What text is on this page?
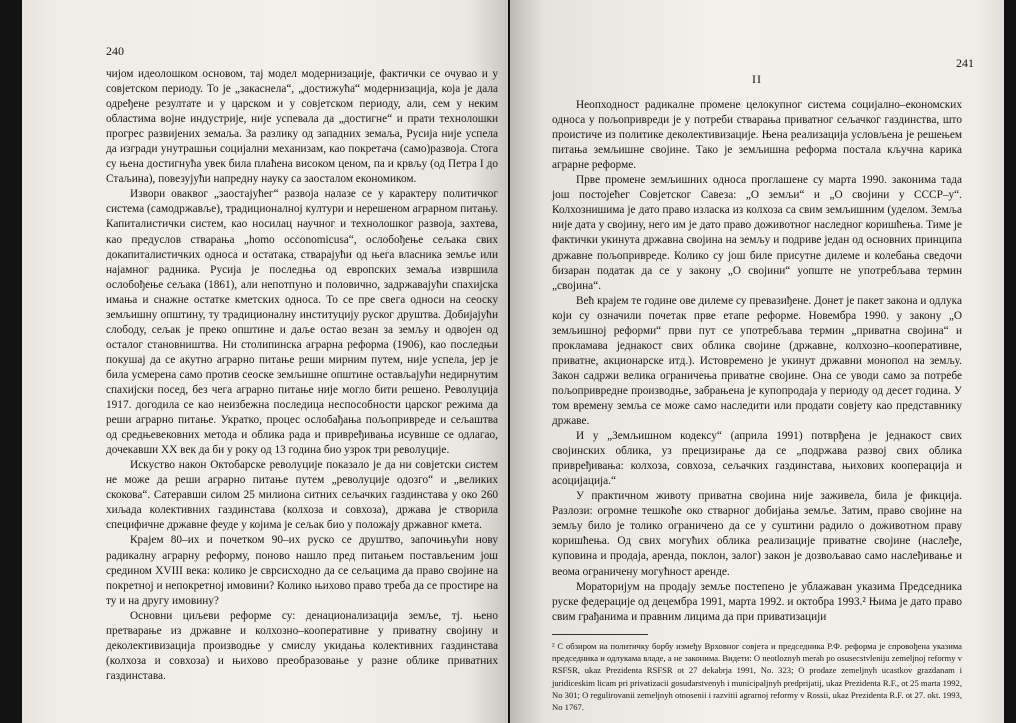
240

чијом идеолошком основом, тај модел модернизације, фактички се очувао и у совјетском периоду. То је „закаснела“, „достижућа“ модернизација, која је дала одређене резултате и у царском и у совјетском периоду, али, сем у неким областима војне индустрије, није успевала да „достигне“ и прати технолошки прогрес развијених земаља. За разлику од западних земаља, Русија није успела да изгради унутрашњи социјални механизам, као покретача (само)развоја. Стога су њена достигнућа увек била плаћена високом ценом, па и крвљу (од Петра I до Стаљина), повезујући напредну науку са заосталом економиком.

Извори оваквог „заостајућег“ развоја налазе се у карактеру политичког система (самодржавље), традиционалној култури и нерешеном аграрном питању. Капиталистички систем, као носилац научног и технолошког развоја, захтева, као предуслов стварања „homo occonomicusa“, ослобођење сељака свих докапиталистичких односа и остатака, стварајући од њега власника земље или најамног радника. Русија је последња од европских земаља извршила ослобођење сељака (1861), али непотпуно и половично, задржавајући спахијска имања и снажне остатке кметских односа. То се пре свега односи на сеоску земљишну општину, ту традиционалну институцију руског друштва. Добијајући слободу, сељак је преко општине и даље остао везан за земљу и одвојен од осталог становништва. Ни столипинска аграрна реформа (1906), као последњи покушај да се акутно аграрно питање реши мирним путем, није успела, јер је била усмерена само против сеоске земљишне општине остављајући недирнутим спахијски посед, без чега аграрно питање није могло бити решено. Револуција 1917. догодила се као неизбежна последица неспособности царског режима да реши аграрно питање. Укратко, процес ослобађања пољопривреде и сељаштва од средњевековних метода и облика рада и привређивања исувише се одлагао, дочекавши XX век да би у року од 13 година био узрок три револуције.

Искуство након Октобарске револуције показало је да ни совјетски систем не може да реши аграрно питање путем „револуције одозго“ и „великих скокова“. Сатеравши силом 25 милиона ситних сељачких газдинстава у око 260 хиљада колективних газдинстава (колхоза и совхоза), држава је створила специфичне државне феуде у којима је сељак био у положају државног кмета.

Крајем 80–их и почетком 90–их руско се друштво, започињући нову радикалну аграрну реформу, поново нашло пред питањем постављеним још средином XVIII века: колико је сврсисходно да се сељацима да право својине на покретној и непокретној имовини? Колико њихово право треба да се простире на ту и на другу имовину?

Основни циљеви реформе су: денационализација земље, тј. њено претварање из државне и колхозно–кооперативне у приватну својину и деколективизација производње у смислу укидања колективних газдинстава (колхоза и совхоза) и њихово преобразовање у разне облике приватних газдинстава.

241

II

Неопходност радикалне промене целокупног система социјално–економских односа у пољопривреди је у потреби стварања приватног сељачког газдинства, што проистиче из политике деколективизације. Њена реализација условљена је решењем питања земљишне својине. Тако је земљишна реформа постала кључна карика аграрне реформе.

Прве промене земљишних односа проглашене су марта 1990. законима тада још постојећег Совјетског Савеза: „О земљи“ и „О својини у СССР–у“. Колхознишима је дато право изласка из колхоза са свим земљишним (уделом. Земља није дата у својину, него им је дато право доживотног наследног коришћења. Тиме је фактички укинута државна својина на земљу и подриве један од основних принципа државне пољопривреде. Колико су још биле присутне дилеме и колебања сведочи бизаран податак да се у закону „О својини“ уопште не употребљава термин „својина“.

Већ крајем те године ове дилеме су превазиђене. Донет је пакет закона и одлука који су означили почетак прве етапе реформе. Новембра 1990. у закону „О земљишној реформи“ први пут се употребљава термин „приватна својина“ и прокламава једнакост свих облика својине (државне, колхозно–кооперативне, приватне, акционарске итд.). Истовремено је укинут државни монопол на земљу. Закон садржи велика ограничења приватне својине. Она се уводи само за потребе пољопривредне производње, забрањена је купопродаја у периоду од десет година. У том времену земља се може само наследити или продати совјету као представнику државе.

И у „Земљишном кодексу“ (априла 1991) потврђена је једнакост свих својинских облика, уз прецизирање да се „подржава развој свих облика привређивања: колхоза, совхоза, сељачких газдинстава, њихових кооперација и асоцијација.“

У практичном животу приватна својина није заживела, била је фикција. Разлози: огромне тешкоће око стварног добијања земље. Затим, право својине на земљу било је толико ограничено да се у суштини радило о доживотном праву коришћења. Од свих могућих облика реализације приватне својине (наслеђе, куповина и продаја, аренда, поклон, залог) закон је дозвољавао само наслеђивање и веома ограничену могућност аренде.

Мораторијум на продају земље постепено је ублажаван указима Председника руске федерације од децембра 1991, марта 1992. и октобра 1993.² Њима је дато право свим грађанима и правним лицима да при приватизацији

² С обзиром на политичку борбу између Врховног совјета и председника Р.Ф. реформа је спровођена указима председника и одлукама владе, а не законима. Видети: O neotloznyh merah po osusecstvleniju zemeljnoj reformy v RSFSR, ukaz Prezidenta RSFSR ot 27 dekabrja 1991, No. 323; O prodaze zemeljnyh ucastkov grazdanam i juridiceskim licam pri privatizacii gosudarstvenyh i municipaljnyh predprijatij, ukaz Prezidenta R.F., ot 25 marta 1992, No 301; O regulirovanii zemeljnyh otnosenii i razvitii agrarnoj reformy v Rossii, ukaz Prezidenta R.F. ot 27. okt. 1993, No 1767.
